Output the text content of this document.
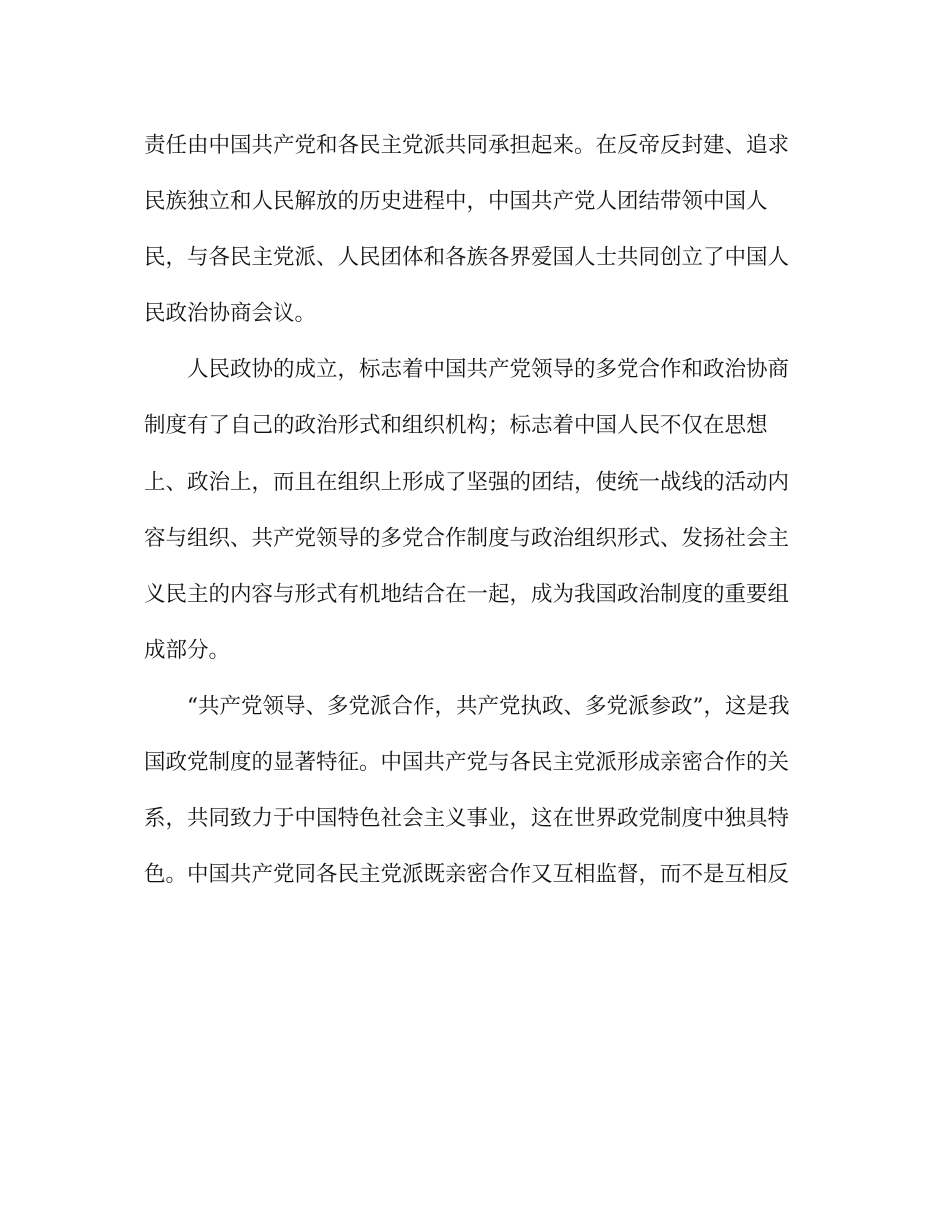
责任由中国共产党和各民主党派共同承担起来。在反帝反封建、追求
民族独立和人民解放的历史进程中，中国共产党人团结带领中国人
民，与各民主党派、人民团体和各族各界爱国人士共同创立了中国人
民政治协商会议。
人民政协的成立，标志着中国共产党领导的多党合作和政治协商
制度有了自己的政治形式和组织机构；标志着中国人民不仅在思想
上、政治上，而且在组织上形成了坚强的团结，使统一战线的活动内
容与组织、共产党领导的多党合作制度与政治组织形式、发扬社会主
义民主的内容与形式有机地结合在一起，成为我国政治制度的重要组
成部分。
“共产党领导、多党派合作，共产党执政、多党派参政”，这是我
国政党制度的显著特征。中国共产党与各民主党派形成亲密合作的关
系，共同致力于中国特色社会主义事业，这在世界政党制度中独具特
色。中国共产党同各民主党派既亲密合作又互相监督，而不是互相反
